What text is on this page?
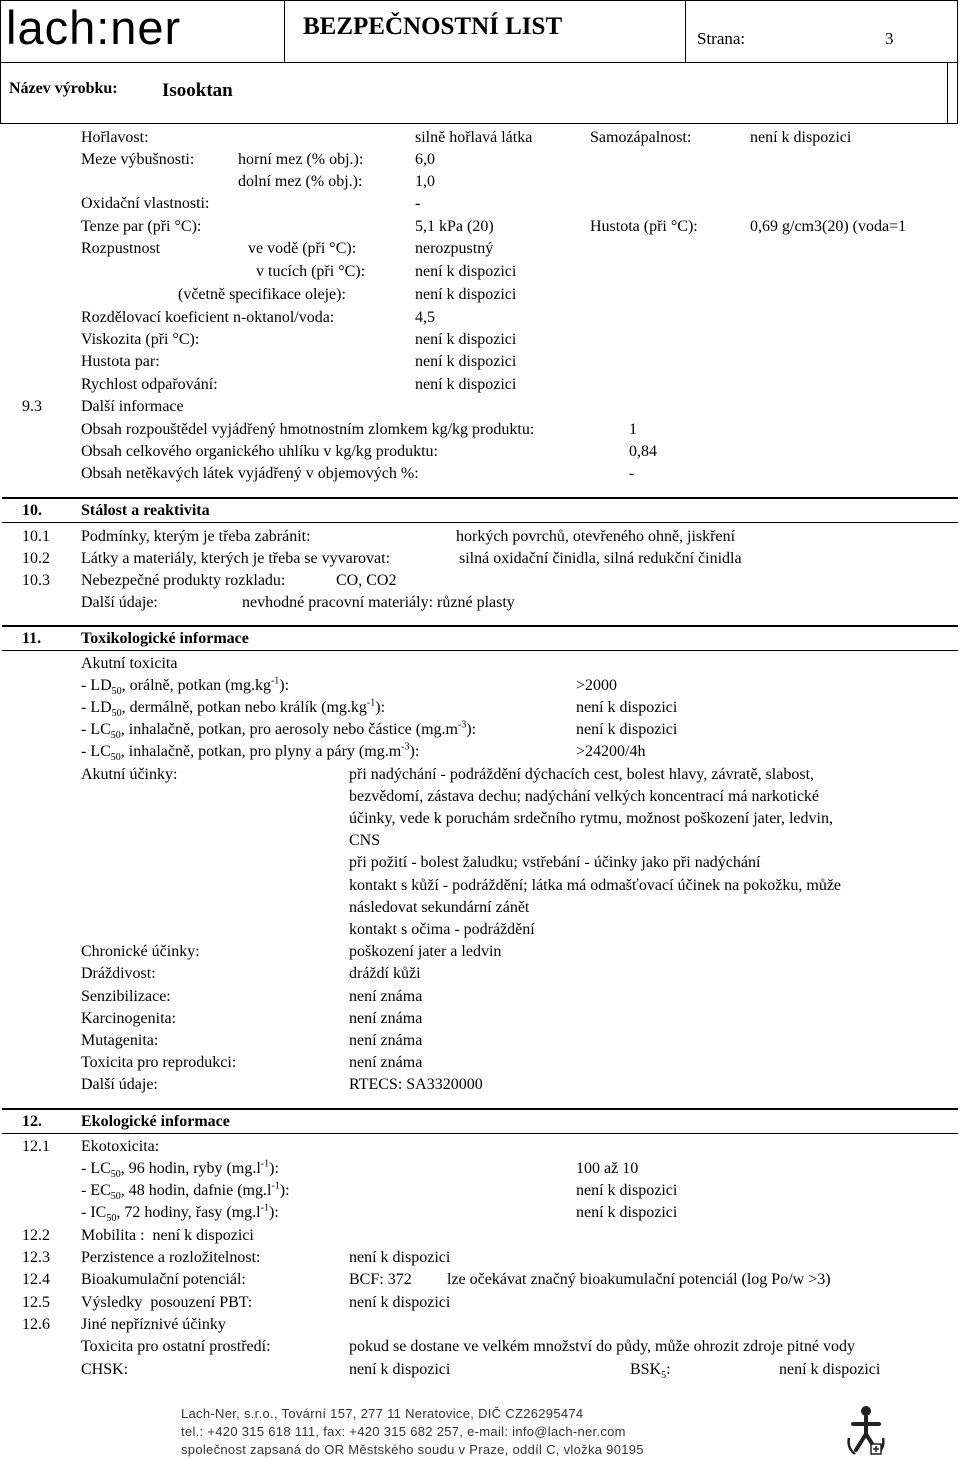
lach:ner	BEZPEČNOSTNÍ LIST	Strana:	3
Název výrobku: Isooktan
Hořlavost:	silně hořlavá látka	Samozápalnost:	není k dispozici
Meze výbušnosti:	horní mez (% obj.):	6,0
dolní mez (% obj.):	1,0
Oxidační vlastnosti:	-
Tenze par (při °C):	5,1 kPa (20)	Hustota (při °C):	0,69 g/cm3(20) (voda=1
Rozpustnost	ve vodě (při °C):	nerozpustný
v tucích (při °C):	není k dispozici
(včetně specifikace oleje):	není k dispozici
Rozdělovací koeficient n-oktanol/voda:	4,5
Viskozita (při °C):	není k dispozici
Hustota par:	není k dispozici
Rychlost odpařování:	není k dispozici
9.3 Další informace
Obsah rozpouštědel vyjádřený hmotnostním zlomkem kg/kg produktu:	1
Obsah celkového organického uhlíku v kg/kg produktu:	0,84
Obsah netěkavých látek vyjádřený v objemových %:	-
10. Stálost a reaktivita
10.1 Podmínky, kterým je třeba zabránit:	horkých povrchů, otevřeného ohně, jiskření
10.2 Látky a materiály, kterých je třeba se vyvarovat:	silná oxidační činidla, silná redukční činidla
10.3 Nebezpečné produkty rozkladu:	CO, CO2
Další údaje:	nevhodné pracovní materiály: různé plasty
11. Toxikologické informace
Akutní toxicita
- $LD_{50}$, orálně, potkan $(mg.kg^{-1})$:	>2000
- $LD_{50}$, dermálně, potkan nebo králík $(mg.kg^{-1})$:	není k dispozici
- $LC_{50}$, inhalačně, potkan, pro aerosoly nebo částice $(mg.m^{-3})$:	není k dispozici
- $LC_{50}$, inhalačně, potkan, pro plyny a páry $(mg.m^{-3})$:	>24200/4h
Akutní účinky:	při nadýchání - podráždění dýchacích cest, bolest hlavy, závratě, slabost,
bezvědomí, zástava dechu; nadýchání velkých koncentrací má narkotické
účinky, vede k poruchám srdečního rytmu, možnost poškození jater, ledvin,
CNS
při požití - bolest žaludku; vstřebání - účinky jako při nadýchání
kontakt s kůží - podráždění; látka má odmašťovací účinek na pokožku, může
následovat sekundární zánět
kontakt s očima - podráždění
Chronické účinky:	poškození jater a ledvin
Dráždivost:	dráždí kůži
Senzibilizace:	není známa
Karcinogenita:	není známa
Mutagenita:	není známa
Toxicita pro reprodukci:	není známa
Další údaje:	RTECS: SA3320000
12. Ekologické informace
12.1 Ekotoxicita:
- $LC_{50}$, 96 hodin, ryby $(mg.l^{-1})$:	100 až 10
- $EC_{50}$, 48 hodin, dafnie $(mg.l^{-1})$:	není k dispozici
- $IC_{50}$, 72 hodiny, řasy $(mg.l^{-1})$:	není k dispozici
12.2 Mobilita :  není k dispozici
12.3 Perzistence a rozložitelnost:	není k dispozici
12.4 Bioakumulační potenciál:	BCF: 372 lze očekávat značný bioakumulační potenciál (log Po/w >3)
12.5 Výsledky  posouzení PBT:	není k dispozici
12.6 Jiné nepříznivé účinky
Toxicita pro ostatní prostředí:	pokud se dostane ve velkém množství do půdy, může ohrozit zdroje pitné vody
CHSK:	není k dispozici	$BSK_5$:	není k dispozici
Lach-Ner, s.r.o., Tovární 157, 277 11 Neratovice, DIČ CZ26295474
tel.: +420 315 618 111, fax: +420 315 682 257, e-mail: info@lach-ner.com
společnost zapsaná do OR Městského soudu v Praze, oddíl C, vložka 90195
